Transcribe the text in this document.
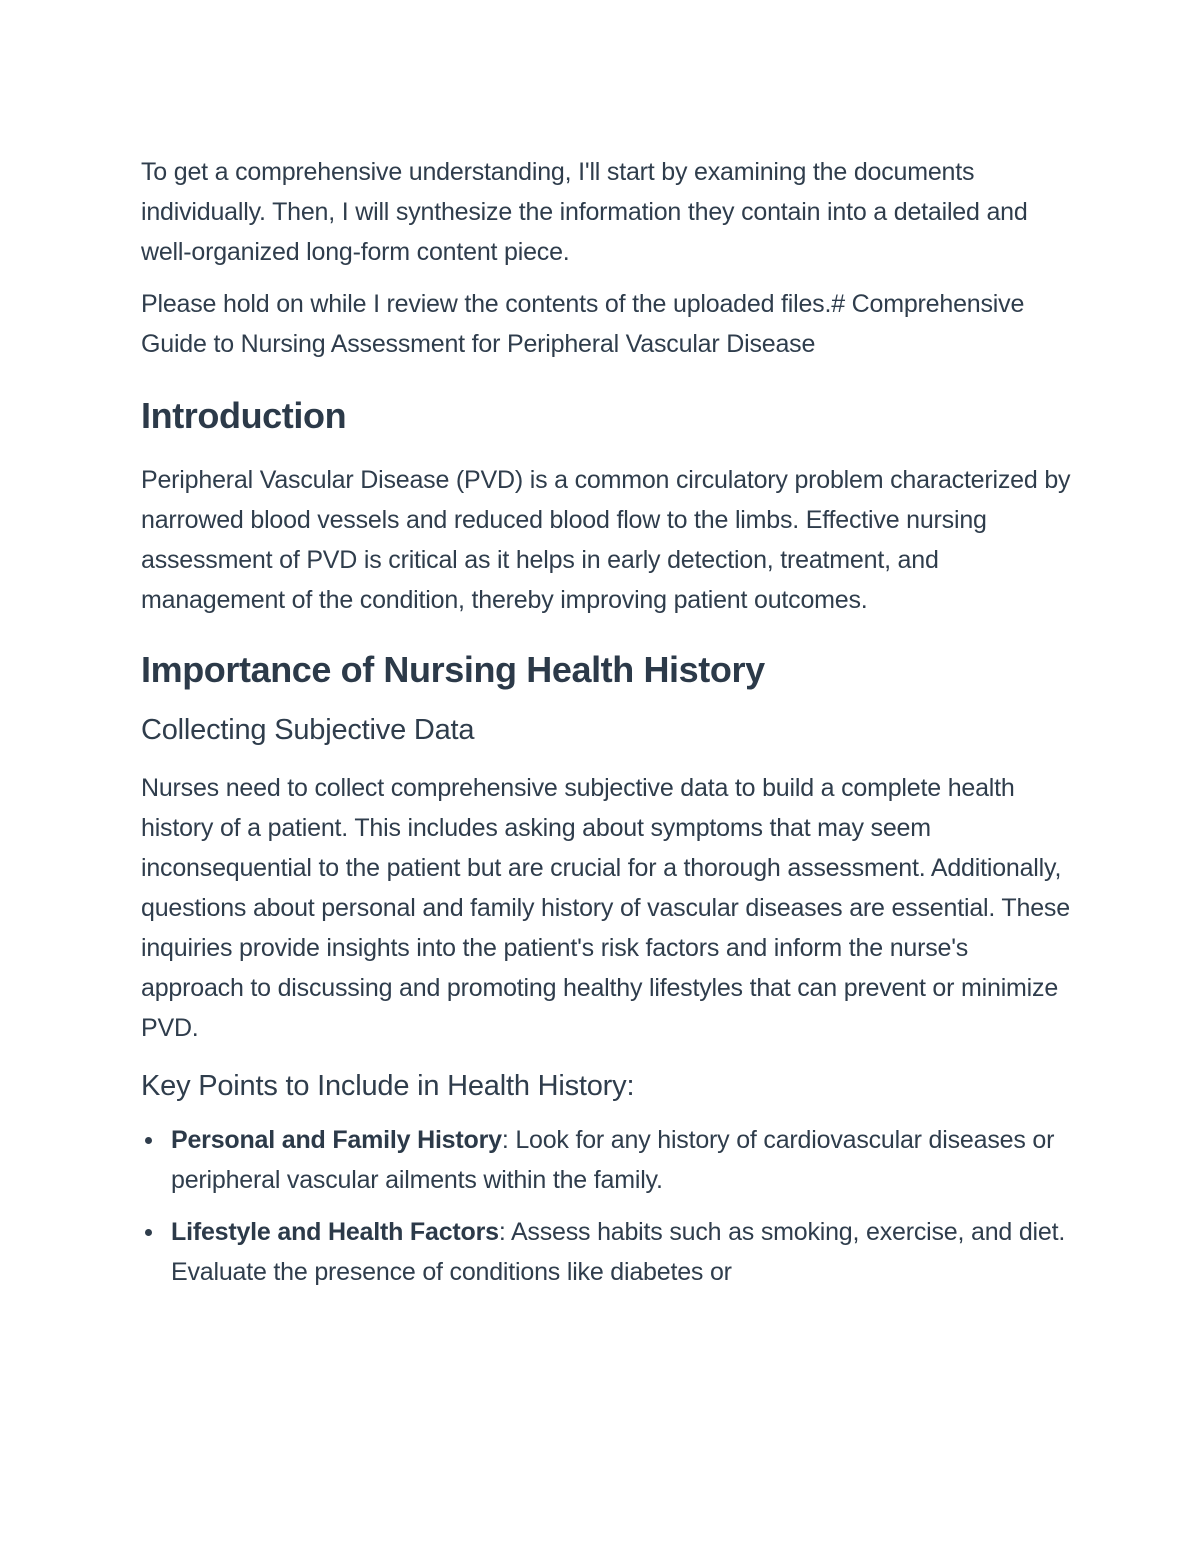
To get a comprehensive understanding, I'll start by examining the documents individually. Then, I will synthesize the information they contain into a detailed and well-organized long-form content piece.

Please hold on while I review the contents of the uploaded files.# Comprehensive Guide to Nursing Assessment for Peripheral Vascular Disease

Introduction

Peripheral Vascular Disease (PVD) is a common circulatory problem characterized by narrowed blood vessels and reduced blood flow to the limbs. Effective nursing assessment of PVD is critical as it helps in early detection, treatment, and management of the condition, thereby improving patient outcomes.

Importance of Nursing Health History
Collecting Subjective Data

Nurses need to collect comprehensive subjective data to build a complete health history of a patient. This includes asking about symptoms that may seem inconsequential to the patient but are crucial for a thorough assessment. Additionally, questions about personal and family history of vascular diseases are essential. These inquiries provide insights into the patient's risk factors and inform the nurse's approach to discussing and promoting healthy lifestyles that can prevent or minimize PVD.

Key Points to Include in Health History:
Personal and Family History: Look for any history of cardiovascular diseases or peripheral vascular ailments within the family.
Lifestyle and Health Factors: Assess habits such as smoking, exercise, and diet. Evaluate the presence of conditions like diabetes or
